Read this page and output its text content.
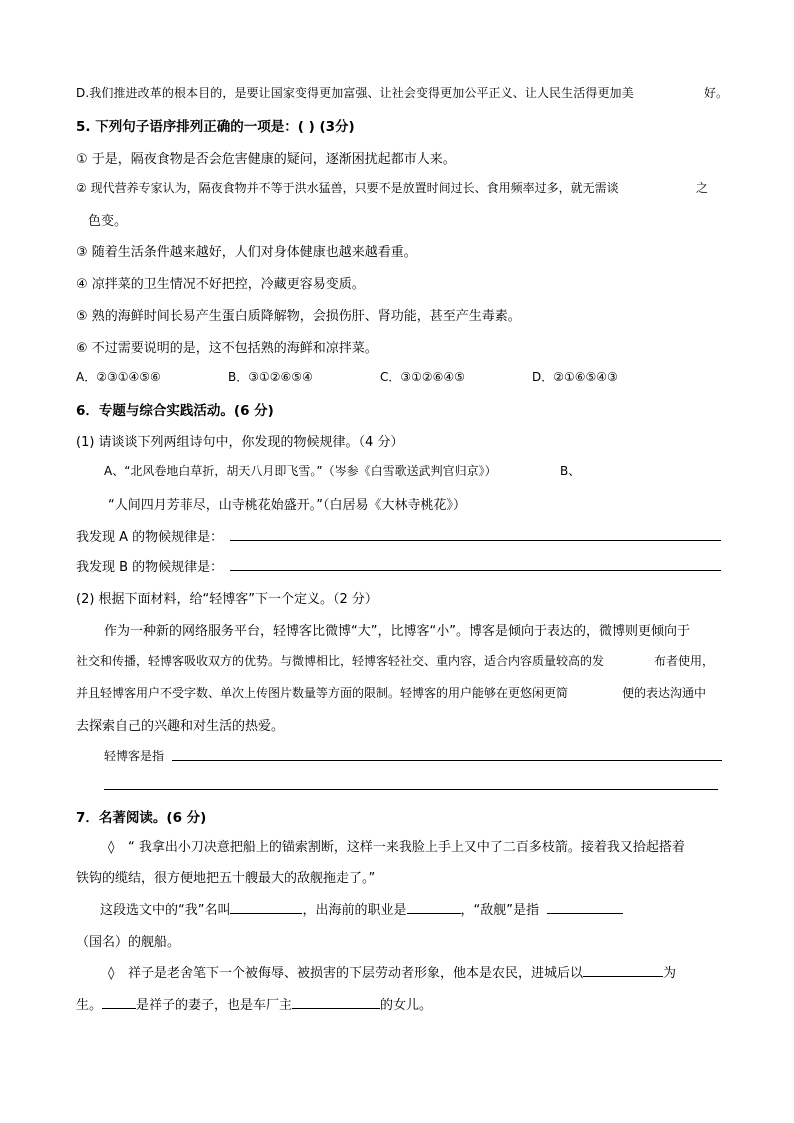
D.我们推进改革的根本目的，是要让国家变得更加富强、让社会变得更加公平正义、让人民生活得更加美	好。
5. 下列句子语序排列正确的一项是：( ) (3分)
① 于是，隔夜食物是否会危害健康的疑问，逐渐困扰起都市人来。
② 现代营养专家认为，隔夜食物并不等于洪水猛兽，只要不是放置时间过长、食用频率过多，就无需谈	之
色变。
③ 随着生活条件越来越好，人们对身体健康也越来越看重。
④ 凉拌菜的卫生情况不好把控，冷藏更容易变质。
⑤ 熟的海鲜时间长易产生蛋白质降解物，会损伤肝、肾功能，甚至产生毒素。
⑥ 不过需要说明的是，这不包括熟的海鲜和凉拌菜。
A．②③①④⑤⑥	B．③①②⑥⑤④	C．③①②⑥④⑤	D．②①⑥⑤④③
6．专题与综合实践活动。(6 分)
(1) 请谈谈下列两组诗句中，你发现的物候规律。（4 分）
A、“北风卷地白草折，胡天八月即飞雪。”（岑参《白雪歌送武判官归京》）	B、
“人间四月芳菲尽，山寺桃花始盛开。”（白居易《大林寺桃花》）
我发现 A 的物候规律是：
我发现 B 的物候规律是：
(2) 根据下面材料，给“轻博客”下一个定义。（2 分）
作为一种新的网络服务平台，轻博客比微博“大”，比博客“小”。博客是倾向于表达的，微博则更倾向于
社交和传播，轻博客吸收双方的优势。与微博相比，轻博客轻社交、重内容，适合内容质量较高的发	布者使用，
并且轻博客用户不受字数、单次上传图片数量等方面的限制。轻博客的用户能够在更悠闲更简	便的表达沟通中
去探索自己的兴趣和对生活的热爱。
轻博客是指
7．名著阅读。(6 分)
◊ “ 我拿出小刀决意把船上的锚索割断，这样一来我脸上手上又中了二百多枝箭。接着我又拾起搭着
铁钩的缆结，很方便地把五十艘最大的敌舰拖走了。”
这段选文中的“我”名叫	，出海前的职业是	，“敌舰”是指
（国名）的舰船。
◊ 祥子是老舍笔下一个被侮辱、被损害的下层劳动者形象，他本是农民，进城后以	为
生。	是祥子的妻子，也是车厂主	的女儿。
